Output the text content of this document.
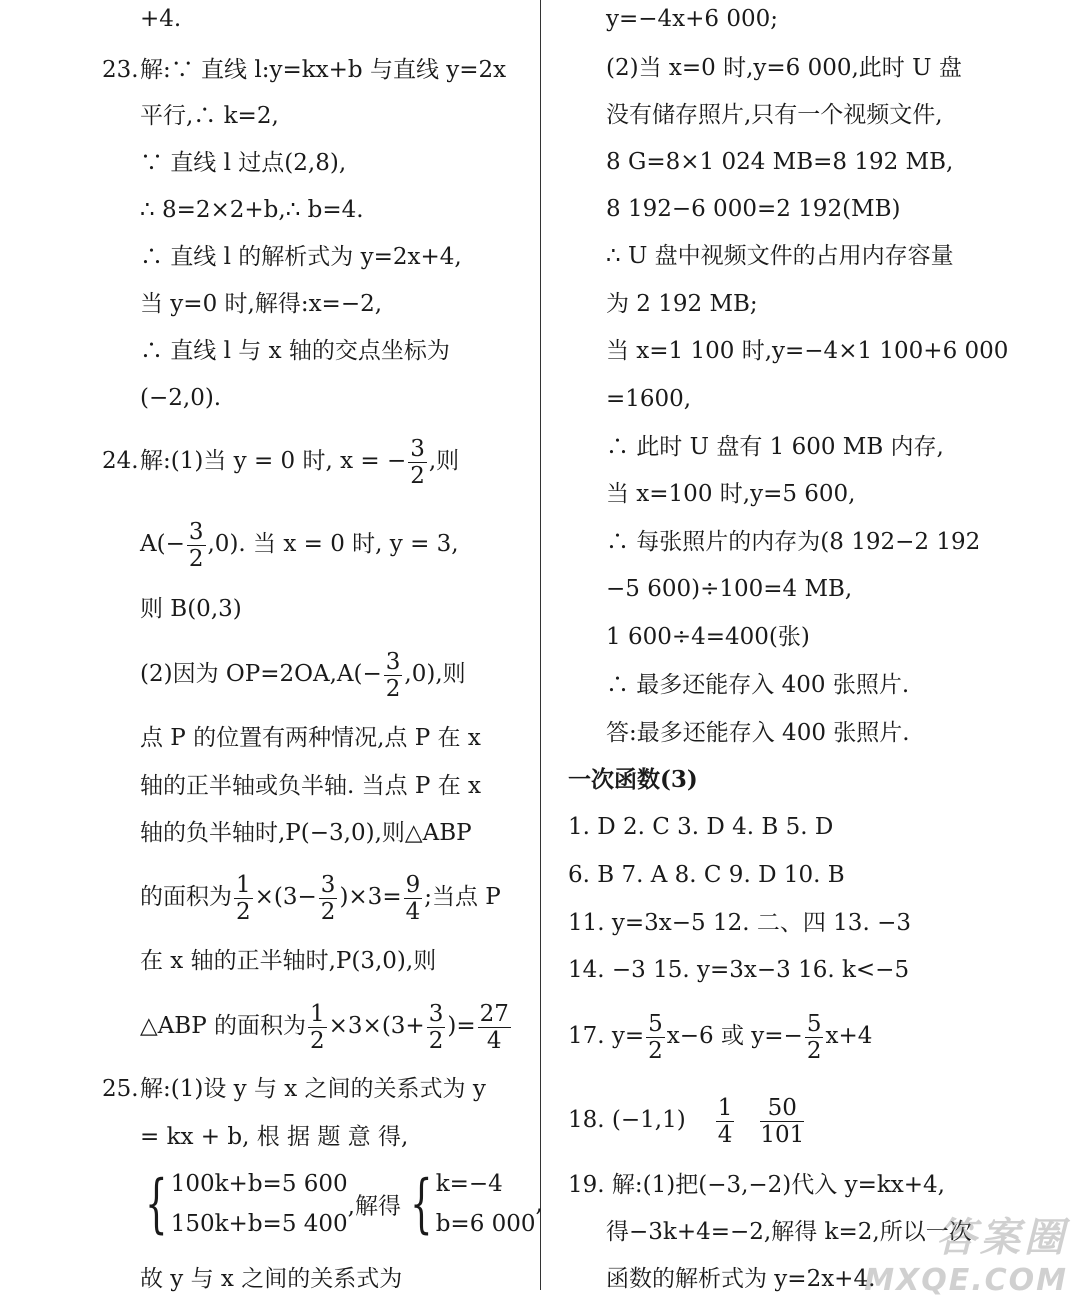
+4.
23. 解:∵ 直线 l:y=kx+b 与直线 y=2x
平行,∴ k=2,
∵ 直线 l 过点(2,8),
∴ 8=2×2+b,∴ b=4.
∴ 直线 l 的解析式为 y=2x+4,
当 y=0 时,解得:x=−2,
∴ 直线 l 与 x 轴的交点坐标为
(−2,0).
24. 解:(1)当 y = 0 时, x = − $\frac{3}{2}$ ,则
$A(- \frac{3}{2} ,0)$. 当 x = 0 时, y = 3,
则 B(0,3)
(2)因为 $OP=2OA,A(- \frac{3}{2} ,0)$,则
点 P 的位置有两种情况,点 P 在 x
轴的正半轴或负半轴. 当点 P 在 x
轴的负半轴时,P(−3,0),则△ABP
的面积为 $\frac{1}{2} \times(3- \frac{3}{2} )\times 3= \frac{9}{4}$ ;当点 P
在 x 轴的正半轴时,P(3,0),则
△ABP 的面积为 $\frac{1}{2} \times 3\times(3+ \frac{3}{2}$ )= $\frac{27}{4}$
25. 解:(1)设 y 与 x 之间的关系式为 y
= kx + b, 根 据 题 意 得,
{ 100k+b=5 600
150k+b=5 400
,解得 { k=−4
b=6 000
,
故 y 与 x 之间的关系式为
y=−4x+6 000;
(2)当 x=0 时,y=6 000,此时 U 盘
没有储存照片,只有一个视频文件,
8 G=8×1 024 MB=8 192 MB,
8 192−6 000=2 192(MB)
∴ U 盘中视频文件的占用内存容量
为 2 192 MB;
当 x=1 100 时,y=−4×1 100+6 000
=1600,
∴ 此时 U 盘有 1 600 MB 内存,
当 x=100 时,y=5 600,
∴ 每张照片的内存为(8 192−2 192
−5 600)÷100=4 MB,
1 600÷4=400(张)
∴ 最多还能存入 400 张照片.
答:最多还能存入 400 张照片.
一次函数(3)
1. D 2. C 3. D 4. B 5. D
6. B 7. A 8. C 9. D 10. B
11. y=3x−5 12. 二、四 13. −3
14. −3 15. y=3x−3 16. k<−5
17. $y= \frac{5}{2} x-6$ 或 $y=- \frac{5}{2} x+4$
18. $(-1,1) \frac{1}{4} \frac{50}{101}$
19. 解:(1)把(−3,−2)代入 y=kx+4,
得−3k+4=−2,解得 k=2,所以一次
函数的解析式为 y=2x+4.
答案圈
MXQE.COM
